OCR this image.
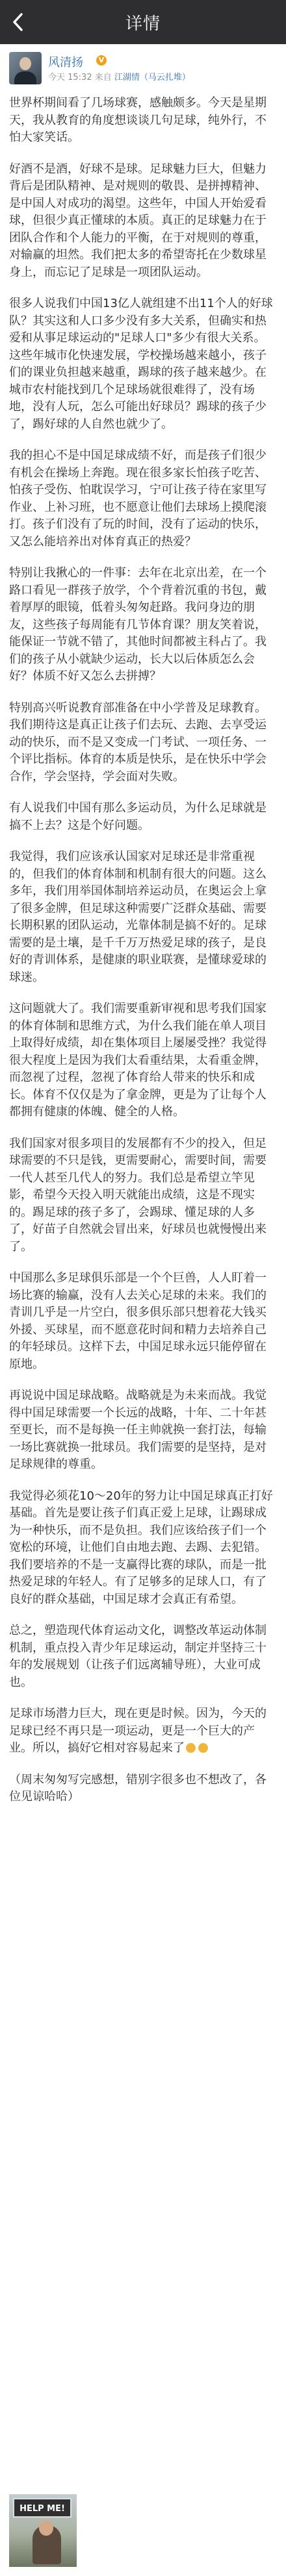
详情
风清扬	V
今天 15:32 来自 江湖情（马云扎堆）

世界杯期间看了几场球赛，感触颇多。今天是星期天，我从教育的角度想谈谈几句足球，纯外行，不怕大家笑话。

好酒不是酒，好球不是球。足球魅力巨大，但魅力背后是团队精神、是对规则的敬畏、是拼搏精神、是中国人对成功的渴望。这些年，中国人开始爱看球，但很少真正懂球的本质。真正的足球魅力在于团队合作和个人能力的平衡，在于对规则的尊重，对输赢的坦然。我们把太多的希望寄托在少数球星身上，而忘记了足球是一项团队运动。

很多人说我们中国13亿人就组建不出11个人的好球队？其实这和人口多少没有多大关系，但确实和热爱和从事足球运动的"足球人口"多少有很大关系。这些年城市化快速发展，学校操场越来越小，孩子们的课业负担越来越重，踢球的孩子越来越少。在城市农村能找到几个足球场就很难得了，没有场地，没有人玩，怎么可能出好球员？踢球的孩子少了，踢好球的人自然也就少了。

我的担心不是中国足球成绩不好，而是孩子们很少有机会在操场上奔跑。现在很多家长怕孩子吃苦、怕孩子受伤、怕耽误学习，宁可让孩子待在家里写作业、上补习班，也不愿意让他们去球场上摸爬滚打。孩子们没有了玩的时间，没有了运动的快乐，又怎么能培养出对体育真正的热爱？

特别让我揪心的一件事：去年在北京出差，在一个路口看见一群孩子放学，个个背着沉重的书包，戴着厚厚的眼镜，低着头匆匆赶路。我问身边的朋友，这些孩子每周能有几节体育课？朋友笑着说，能保证一节就不错了，其他时间都被主科占了。我们的孩子从小就缺少运动，长大以后体质怎么会好？体质不好又怎么去拼搏？

特别高兴听说教育部准备在中小学普及足球教育。我们期待这是真正让孩子们去玩、去跑、去享受运动的快乐，而不是又变成一门考试、一项任务、一个评比指标。体育的本质是快乐，是在快乐中学会合作，学会坚持，学会面对失败。

有人说我们中国有那么多运动员，为什么足球就是搞不上去？这是个好问题。

我觉得，我们应该承认国家对足球还是非常重视的，但我们的体育体制和机制有很大的问题。这么多年，我们用举国体制培养运动员，在奥运会上拿了很多金牌，但足球这种需要广泛群众基础、需要长期积累的团队运动，光靠体制是搞不好的。足球需要的是土壤，是千千万万热爱足球的孩子，是良好的青训体系，是健康的职业联赛，是懂球爱球的球迷。

这问题就大了。我们需要重新审视和思考我们国家的体育体制和思维方式，为什么我们能在单人项目上取得好成绩，却在集体项目上屡屡受挫？我觉得很大程度上是因为我们太看重结果，太看重金牌，而忽视了过程，忽视了体育给人带来的快乐和成长。体育不仅仅是为了拿金牌，更是为了让每个人都拥有健康的体魄、健全的人格。

我们国家对很多项目的发展都有不少的投入，但足球需要的不只是钱，更需要耐心，需要时间，需要一代人甚至几代人的努力。我们总是希望立竿见影，希望今天投入明天就能出成绩，这是不现实的。踢足球的孩子多了，会踢球、懂足球的人多了，好苗子自然就会冒出来，好球员也就慢慢出来了。

中国那么多足球俱乐部是一个个巨兽，人人盯着一场比赛的输赢，没有人去关心足球的未来。我们的青训几乎是一片空白，很多俱乐部只想着花大钱买外援、买球星，而不愿意花时间和精力去培养自己的年轻球员。这样下去，中国足球永远只能停留在原地。

再说说中国足球战略。战略就是为未来而战。我觉得中国足球需要一个长远的战略，十年、二十年甚至更长，而不是每换一任主帅就换一套打法，每输一场比赛就换一批球员。我们需要的是坚持，是对足球规律的尊重。

我觉得必须花10～20年的努力让中国足球真正打好基础。首先是要让孩子们真正爱上足球，让踢球成为一种快乐，而不是负担。我们应该给孩子们一个宽松的环境，让他们自由地去跑、去踢、去犯错。我们要培养的不是一支赢得比赛的球队，而是一批热爱足球的年轻人。有了足够多的足球人口，有了良好的群众基础，中国足球才会真正有希望。

总之，塑造现代体育运动文化，调整改革运动体制机制，重点投入青少年足球运动，制定并坚持三十年的发展规划（让孩子们远离辅导班），大业可成也。

足球市场潜力巨大，现在更是时候。因为，今天的足球已经不再只是一项运动，更是一个巨大的产业。所以，搞好它相对容易起来了

（周末匆匆写完感想，错别字很多也不想改了，各位见谅哈哈）

HELP ME!
